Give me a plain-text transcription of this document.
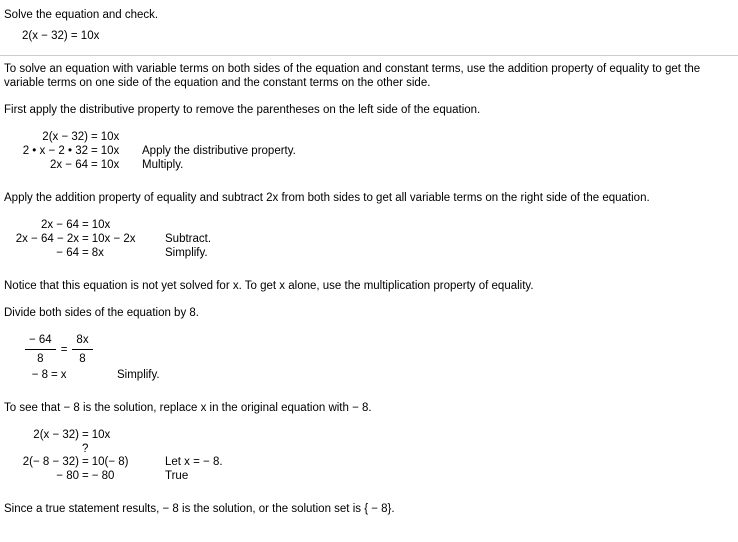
Solve the equation and check.

2(x − 32) = 10x

To solve an equation with variable terms on both sides of the equation and constant terms, use the addition property of equality to get the variable terms on one side of the equation and the constant terms on the other side.

First apply the distributive property to remove the parentheses on the left side of the equation.

2(x − 32) = 10x
2 • x − 2 • 32 = 10x Apply the distributive property.
2x − 64 = 10x Multiply.

Apply the addition property of equality and subtract 2x from both sides to get all variable terms on the right side of the equation.

2x − 64 = 10x
2x − 64 − 2x = 10x − 2x	Subtract.
− 64 = 8x	Simplify.

Notice that this equation is not yet solved for x. To get x alone, use the multiplication property of equality.

Divide both sides of the equation by 8.

$\frac{- 64}{8} = \frac{8x}{8}$
− 8 = x	Simplify.

To see that − 8 is the solution, replace x in the original equation with − 8.

2(x − 32) = 10x
?
2(− 8 − 32) = 10(− 8)	Let x = − 8.
− 80 = − 80	True

Since a true statement results, − 8 is the solution, or the solution set is { − 8}.
